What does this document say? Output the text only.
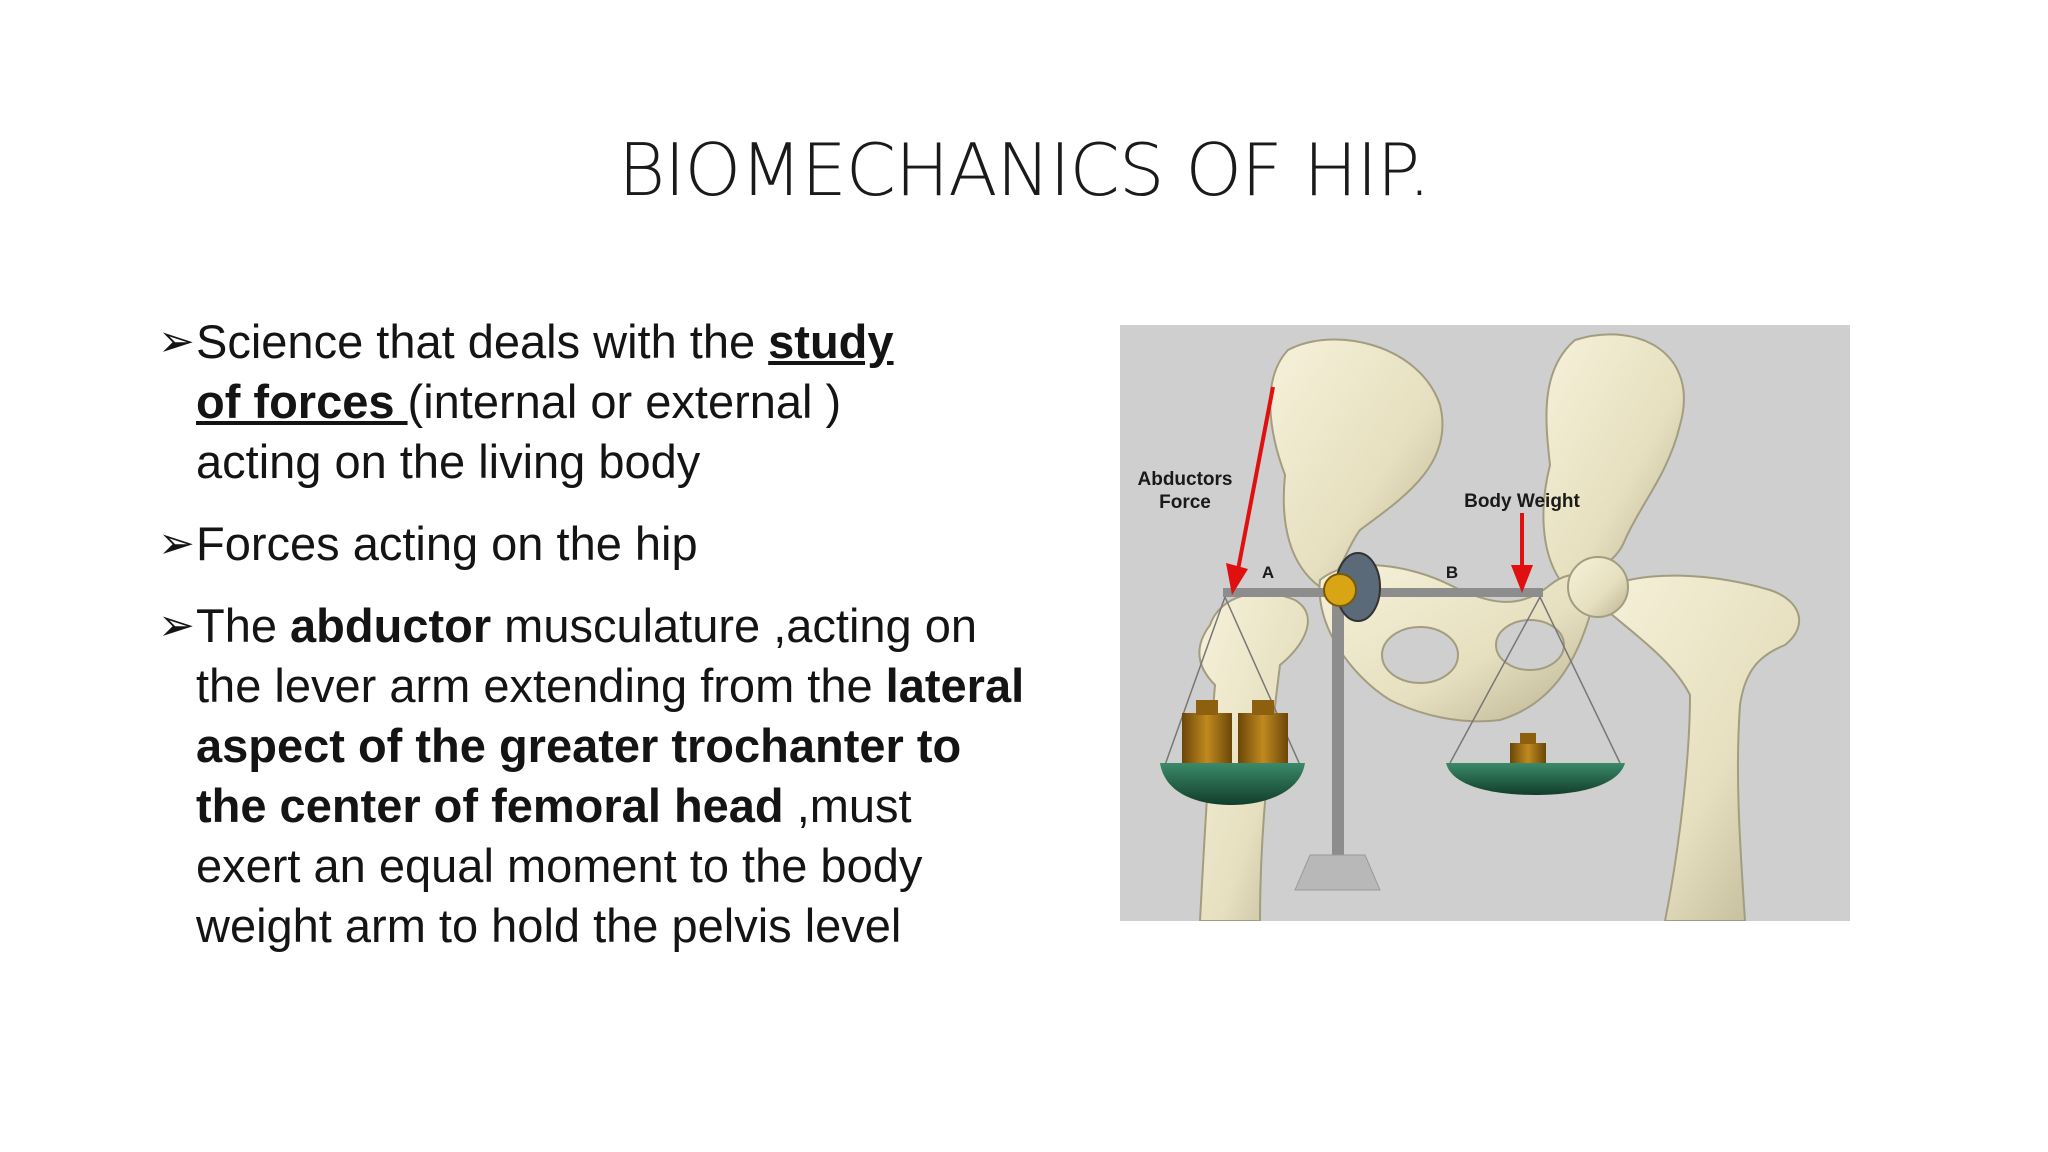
BIOMECHANICS OF HIP.
➢ Science that deals with the study
of forces (internal or external )
acting on the living body
➢ Forces acting on the hip
➢ The abductor musculature ,acting on the lever arm extending from the lateral aspect of the greater trochanter to the center of femoral head ,must exert an equal moment to the body weight arm to hold the pelvis level
Abductors
Force	Body Weight
A	B
